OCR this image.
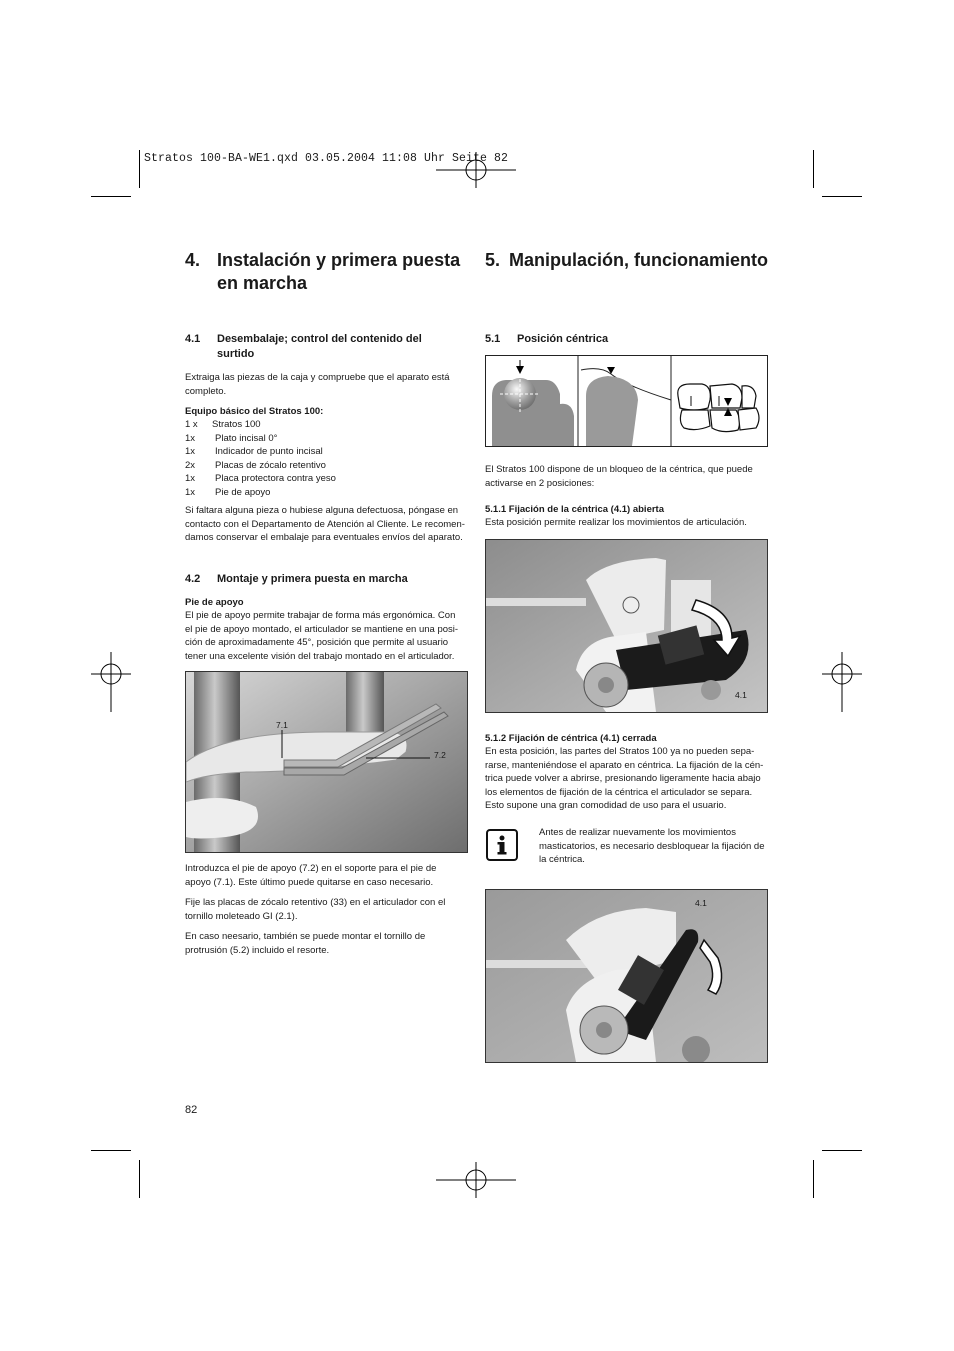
Stratos 100-BA-WE1.qxd 03.05.2004 11:08 Uhr Seite 82
4. Instalación y primera puesta
en marcha
4.1 Desembalaje; control del contenido del
surtido
Extraiga las piezas de la caja y compruebe que el aparato está
completo.
Equipo básico del Stratos 100:
1 x Stratos 100
1x Plato incisal 0°
1x Indicador de punto incisal
2x Placas de zócalo retentivo
1x Placa protectora contra yeso
1x Pie de apoyo
Si faltara alguna pieza o hubiese alguna defectuosa, póngase en
contacto con el Departamento de Atención al Cliente. Le recomen-
damos conservar el embalaje para eventuales envíos del aparato.
4.2 Montaje y primera puesta en marcha
Pie de apoyo
El pie de apoyo permite trabajar de forma más ergonómica. Con
el pie de apoyo montado, el articulador se mantiene en una posi-
ción de aproximadamente 45°, posición que permite al usuario
tener una excelente visión del trabajo montado en el articulador.
7.1
7.2
Introduzca el pie de apoyo (7.2) en el soporte para el pie de
apoyo (7.1). Este último puede quitarse en caso necesario.
Fije las placas de zócalo retentivo (33) en el articulador con el
tornillo moleteado GI (2.1).
En caso neesario, también se puede montar el tornillo de
protrusión (5.2) incluido el resorte.
5. Manipulación, funcionamiento
5.1 Posición céntrica
El Stratos 100 dispone de un bloqueo de la céntrica, que puede
activarse en 2 posiciones:
5.1.1 Fijación de la céntrica (4.1) abierta
Esta posición permite realizar los movimientos de articulación.
4.1
5.1.2 Fijación de céntrica (4.1) cerrada
En esta posición, las partes del Stratos 100 ya no pueden sepa-
rarse, manteniéndose el aparato en céntrica. La fijación de la cén-
trica puede volver a abrirse, presionando ligeramente hacia abajo
los elementos de fijación de la céntrica el articulador se separa.
Esto supone una gran comodidad de uso para el usuario.
Antes de realizar nuevamente los movimientos
masticatorios, es necesario desbloquear la fijación de
la céntrica.
4.1
82
